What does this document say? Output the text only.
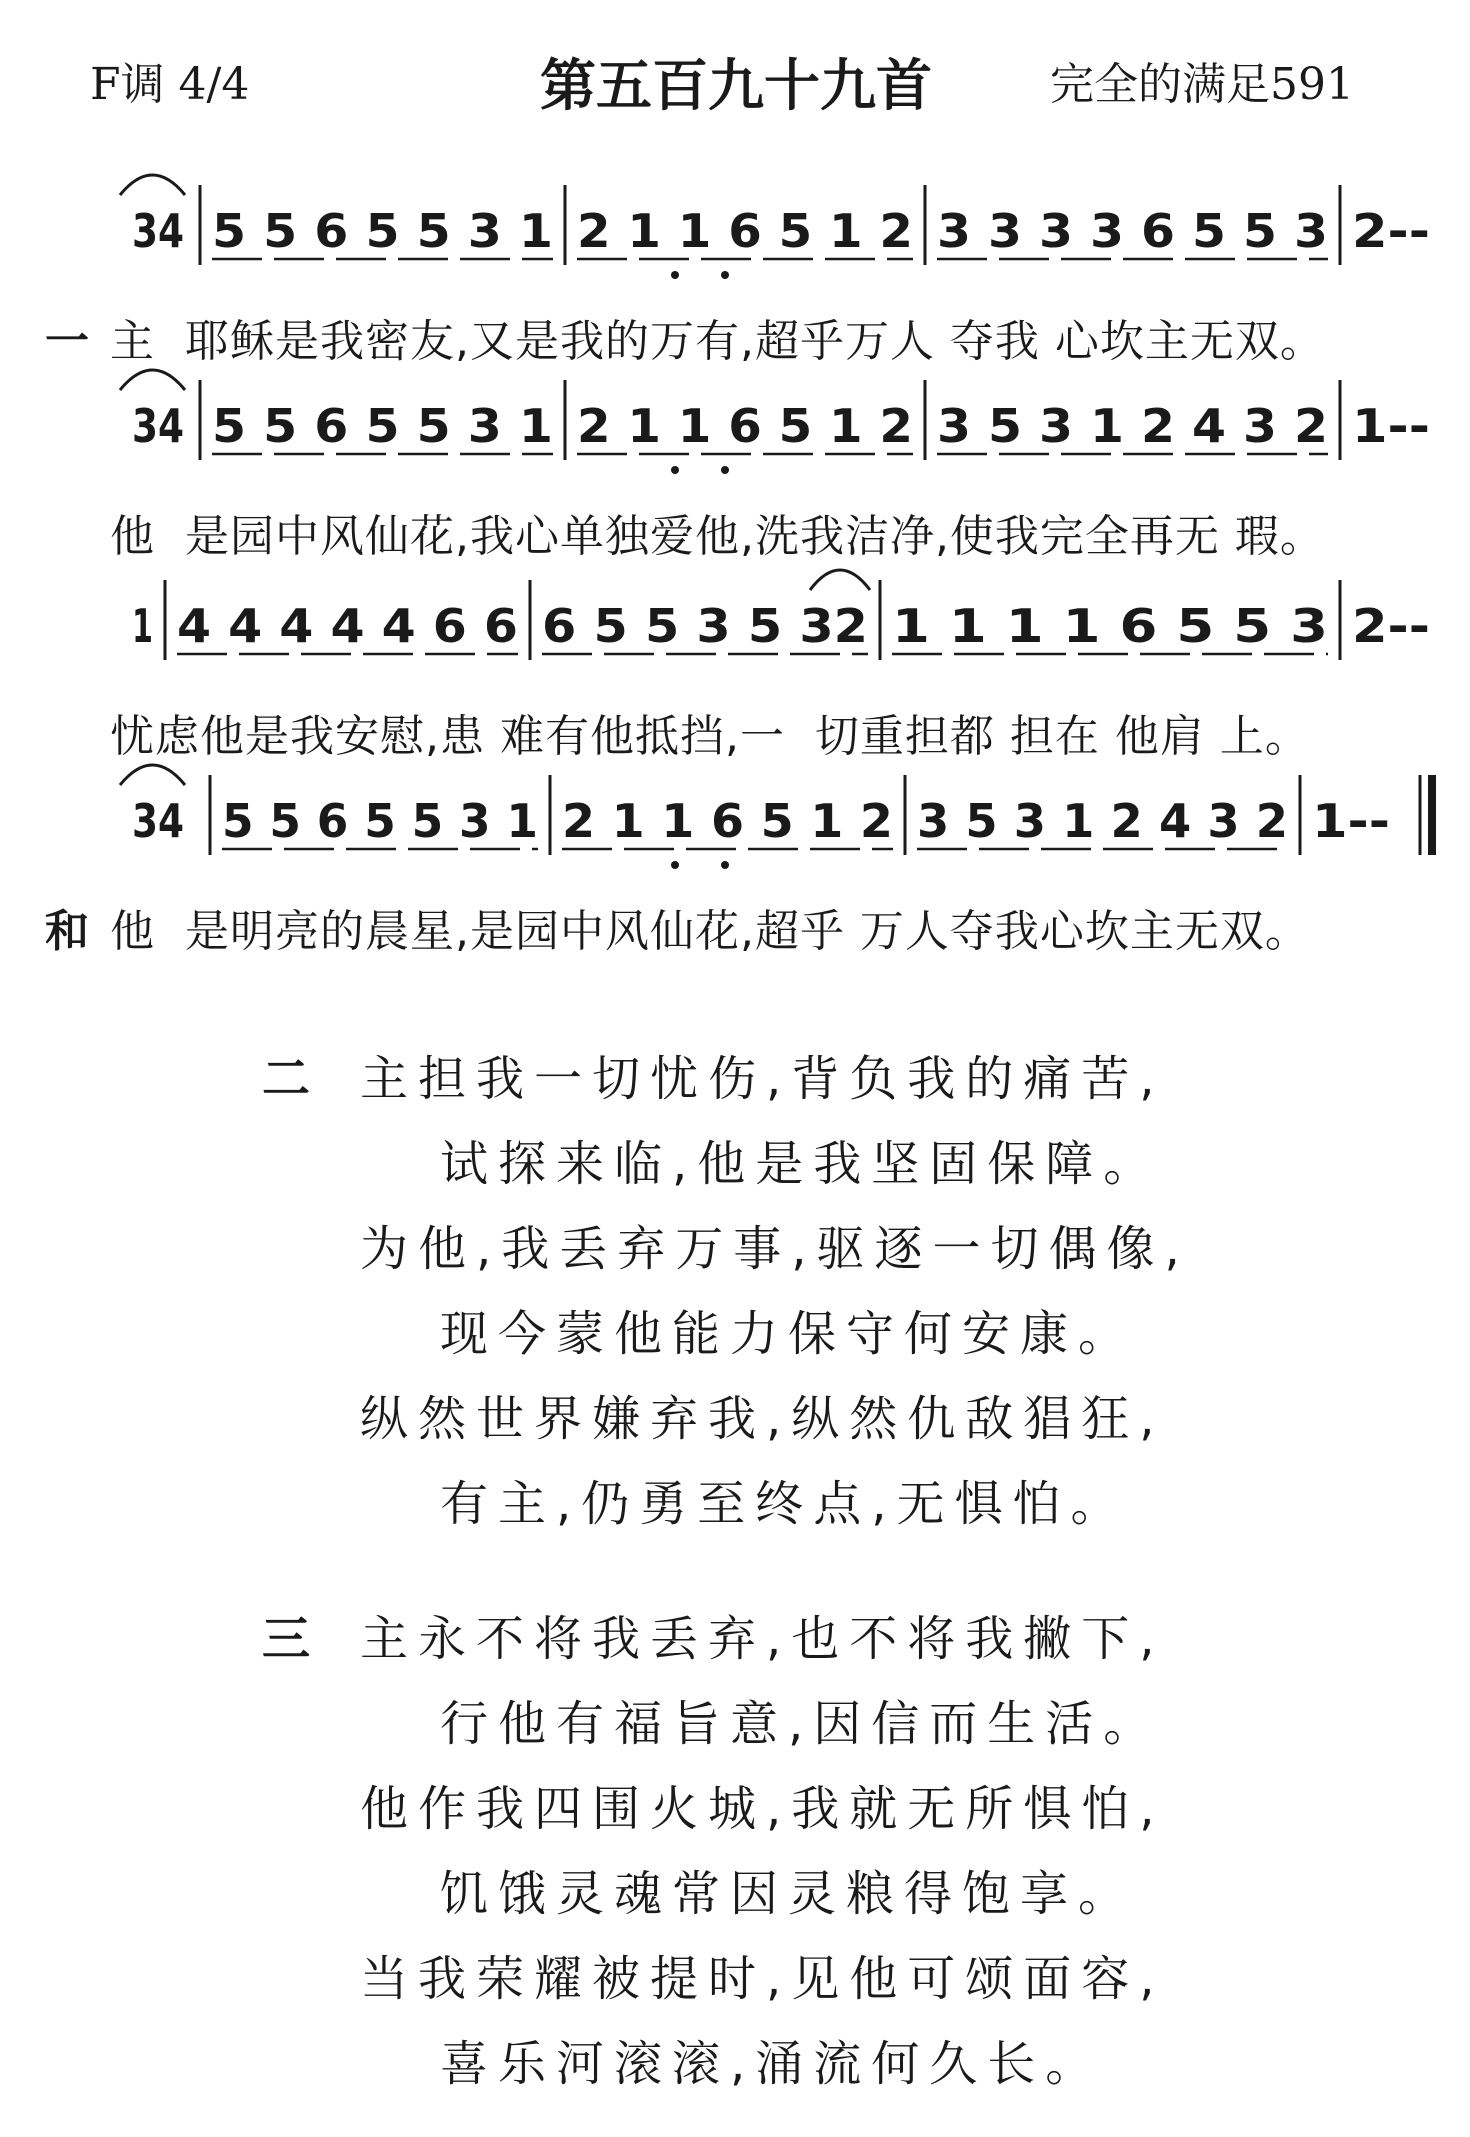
F调 4/4	第五百九十九首	完全的满足591
34 5 5 6 5 5 3 1 2 1 1 6 5 1 2 3 3 3 3 6 5 5 3 2--
一 主  耶稣是我密友,又是我的万有,超乎万人 夺我 心坎主无双。
34 5 5 6 5 5 3 1 2 1 1 6 5 1 2 3 5 3 1 2 4 3 2 1--
他  是园中风仙花,我心单独爱他,洗我洁净,使我完全再无 瑕。
1 4 4 4 4 4 6 6 6 5 5 3 5 32 1 1 1 1 6 5 5 3 2--
忧虑他是我安慰,患 难有他抵挡,一  切重担都 担在 他肩 上。
34 5 5 6 5 5 3 1 2 1 1 6 5 1 2 3 5 3 1 2 4 3 2 1--
和 他  是明亮的晨星,是园中风仙花,超乎 万人夺我心坎主无双。
二 主担我一切忧伤,背负我的痛苦,
试探来临,他是我坚固保障。
为他,我丢弃万事,驱逐一切偶像,
现今蒙他能力保守何安康。
纵然世界嫌弃我,纵然仇敌猖狂,
有主,仍勇至终点,无惧怕。
三 主永不将我丢弃,也不将我撇下,
行他有福旨意,因信而生活。
他作我四围火城,我就无所惧怕,
饥饿灵魂常因灵粮得饱享。
当我荣耀被提时,见他可颂面容,
喜乐河滚滚,涌流何久长。
